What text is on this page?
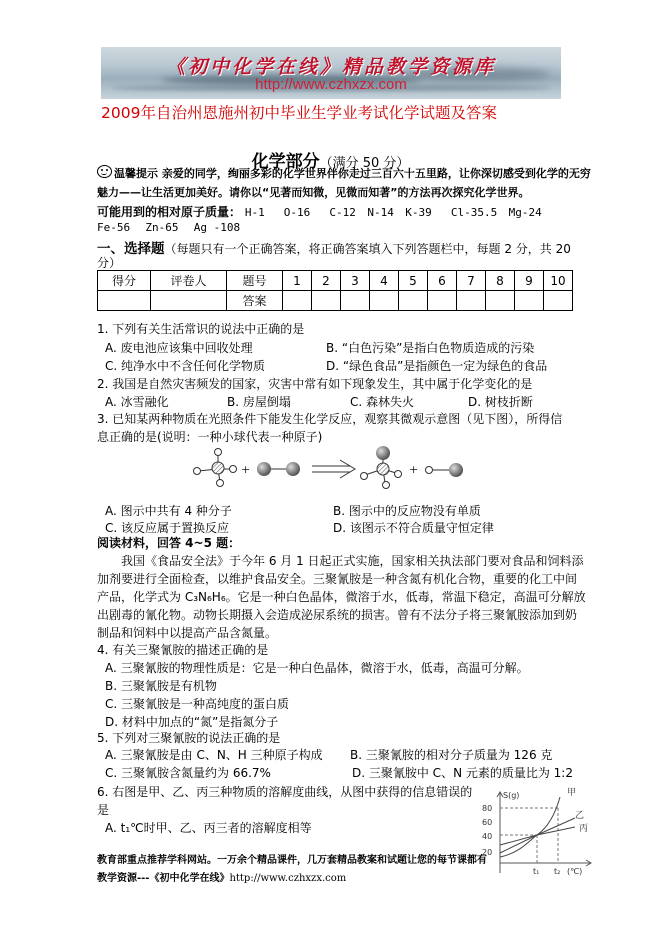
《初中化学在线》精品教学资源库
http://www.czhxzx.com
2009年自治州恩施州初中毕业生学业考试化学试题及答案
化学部分（满分 50 分）
温馨提示 亲爱的同学，绚丽多彩的化学世界伴你走过三百六十五里路，让你深切感受到化学的无穷
魅力——让生活更加美好。请你以“见著而知微，见微而知著”的方法再次探究化学世界。
可能用到的相对原子质量： H-1 O-16 C-12 N-14 K-39 Cl-35.5 Mg-24
Fe-56 Zn-65 Ag -108
一、选择题（每题只有一个正确答案，将正确答案填入下列答题栏中，每题 2 分，共 20
分）
得分	评卷人	题号	1	2	3	4	5	6	7	8	9	10
		答案										
1. 下列有关生活常识的说法中正确的是
A. 废电池应该集中回收处理	B. “白色污染”是指白色物质造成的污染
C. 纯净水中不含任何化学物质	D. “绿色食品”是指颜色一定为绿色的食品
2. 我国是自然灾害频发的国家，灾害中常有如下现象发生，其中属于化学变化的是
A. 冰雪融化	B. 房屋倒塌	C. 森林失火	D. 树枝折断
3. 已知某两种物质在光照条件下能发生化学反应，观察其微观示意图（见下图），所得信
息正确的是(说明：一种小球代表一种原子)
+	+
A. 图示中共有 4 种分子	B. 图示中的反应物没有单质
C. 该反应属于置换反应	D. 该图示不符合质量守恒定律
阅读材料，回答 4~5 题：
我国《食品安全法》于今年 6 月 1 日起正式实施，国家相关执法部门要对食品和饲料添
加剂要进行全面检查，以维护食品安全。三聚氰胺是一种含氮有机化合物，重要的化工中间
产品，化学式为 C₃N₆H₆。它是一种白色晶体，微溶于水，低毒，常温下稳定，高温可分解放
出剧毒的氰化物。动物长期摄入会造成泌尿系统的损害。曾有不法分子将三聚氰胺添加到奶
制品和饲料中以提高产品含氮量。
4. 有关三聚氰胺的描述正确的是
A. 三聚氰胺的物理性质是：它是一种白色晶体，微溶于水，低毒，高温可分解。
B. 三聚氰胺是有机物
C. 三聚氰胺是一种高纯度的蛋白质
D. 材料中加点的“氮”是指氮分子
5. 下列对三聚氰胺的说法正确的是
A. 三聚氰胺是由 C、N、H 三种原子构成 B. 三聚氰胺的相对分子质量为 126 克
C. 三聚氰胺含氮量约为 66.7%	D. 三聚氰胺中 C、N 元素的质量比为 1:2
6. 右图是甲、乙、丙三种物质的溶解度曲线，从图中获得的信息错误的
是
A. t₁℃时甲、乙、丙三者的溶解度相等
S(g)
80
60
40
20
甲
乙
丙
t₁ t₂ (℃)
教育部重点推荐学科网站。一万余个精品课件，几万套精品教案和试题让您的每节课都有
教学资源---《初中化学在线》http://www.czhxzx.com
